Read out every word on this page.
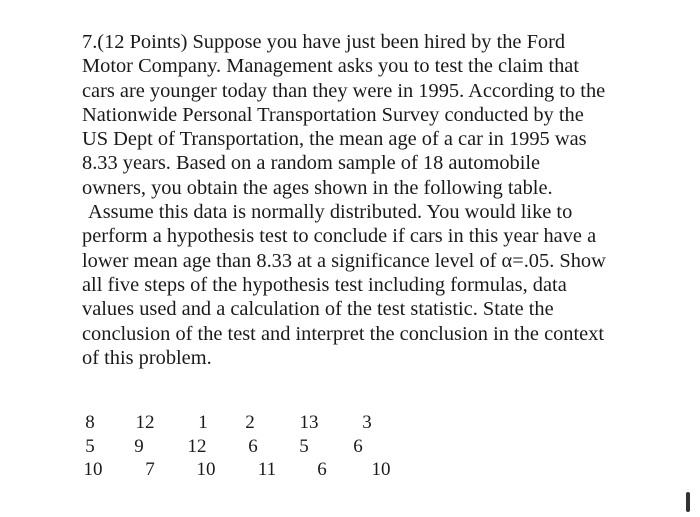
7.(12 Points) Suppose you have just been hired by the Ford
Motor Company. Management asks you to test the claim that
cars are younger today than they were in 1995. According to the
Nationwide Personal Transportation Survey conducted by the
US Dept of Transportation, the mean age of a car in 1995 was
8.33 years. Based on a random sample of 18 automobile
owners, you obtain the ages shown in the following table.
Assume this data is normally distributed. You would like to
perform a hypothesis test to conclude if cars in this year have a
lower mean age than 8.33 at a significance level of α=.05. Show
all five steps of the hypothesis test including formulas, data
values used and a calculation of the test statistic. State the
conclusion of the test and interpret the conclusion in the context
of this problem.
8 12 1 2 13 3
5 9 12 6 5 6
10 7 10 11 6 10
